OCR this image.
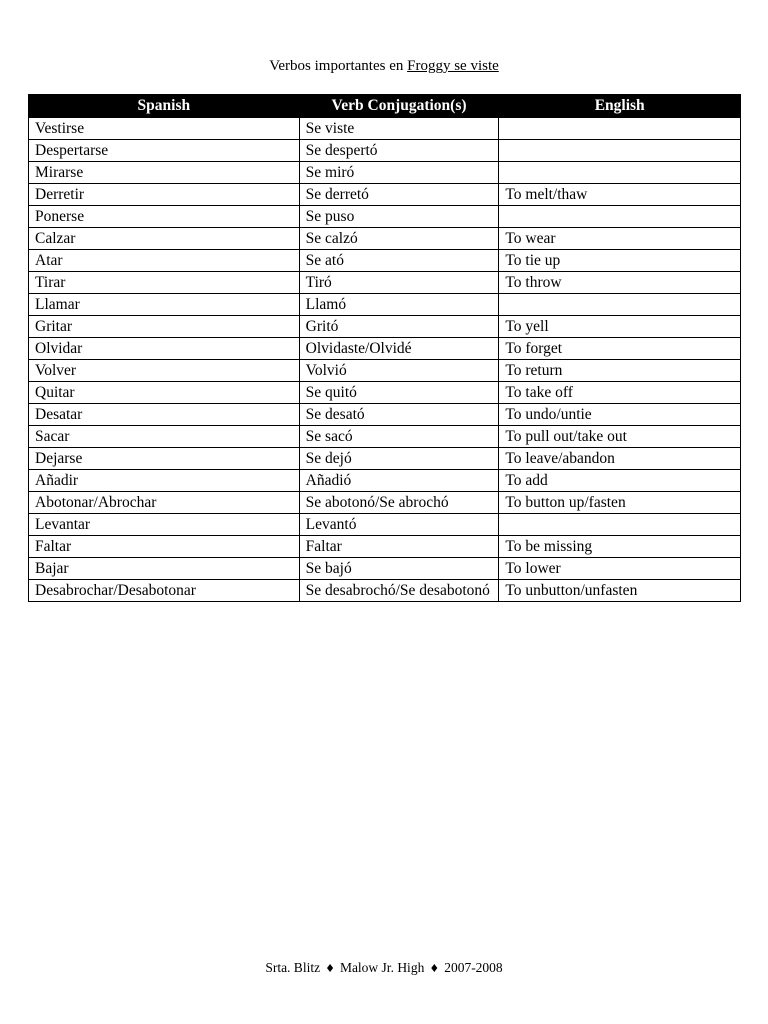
Verbos importantes en Froggy se viste
Spanish	Verb Conjugation(s)	English
Vestirse	Se viste	
Despertarse	Se despertó	
Mirarse	Se miró	
Derretir	Se derretó	To melt/thaw
Ponerse	Se puso	
Calzar	Se calzó	To wear
Atar	Se ató	To tie up
Tirar	Tiró	To throw
Llamar	Llamó	
Gritar	Gritó	To yell
Olvidar	Olvidaste/Olvidé	To forget
Volver	Volvió	To return
Quitar	Se quitó	To take off
Desatar	Se desató	To undo/untie
Sacar	Se sacó	To pull out/take out
Dejarse	Se dejó	To leave/abandon
Añadir	Añadió	To add
Abotonar/Abrochar	Se abotonó/Se abrochó	To button up/fasten
Levantar	Levantó	
Faltar	Faltar	To be missing
Bajar	Se bajó	To lower
Desabrochar/Desabotonar	Se desabrochó/Se desabotonó	To unbutton/unfasten
Srta. Blitz ♦ Malow Jr. High ♦ 2007-2008
